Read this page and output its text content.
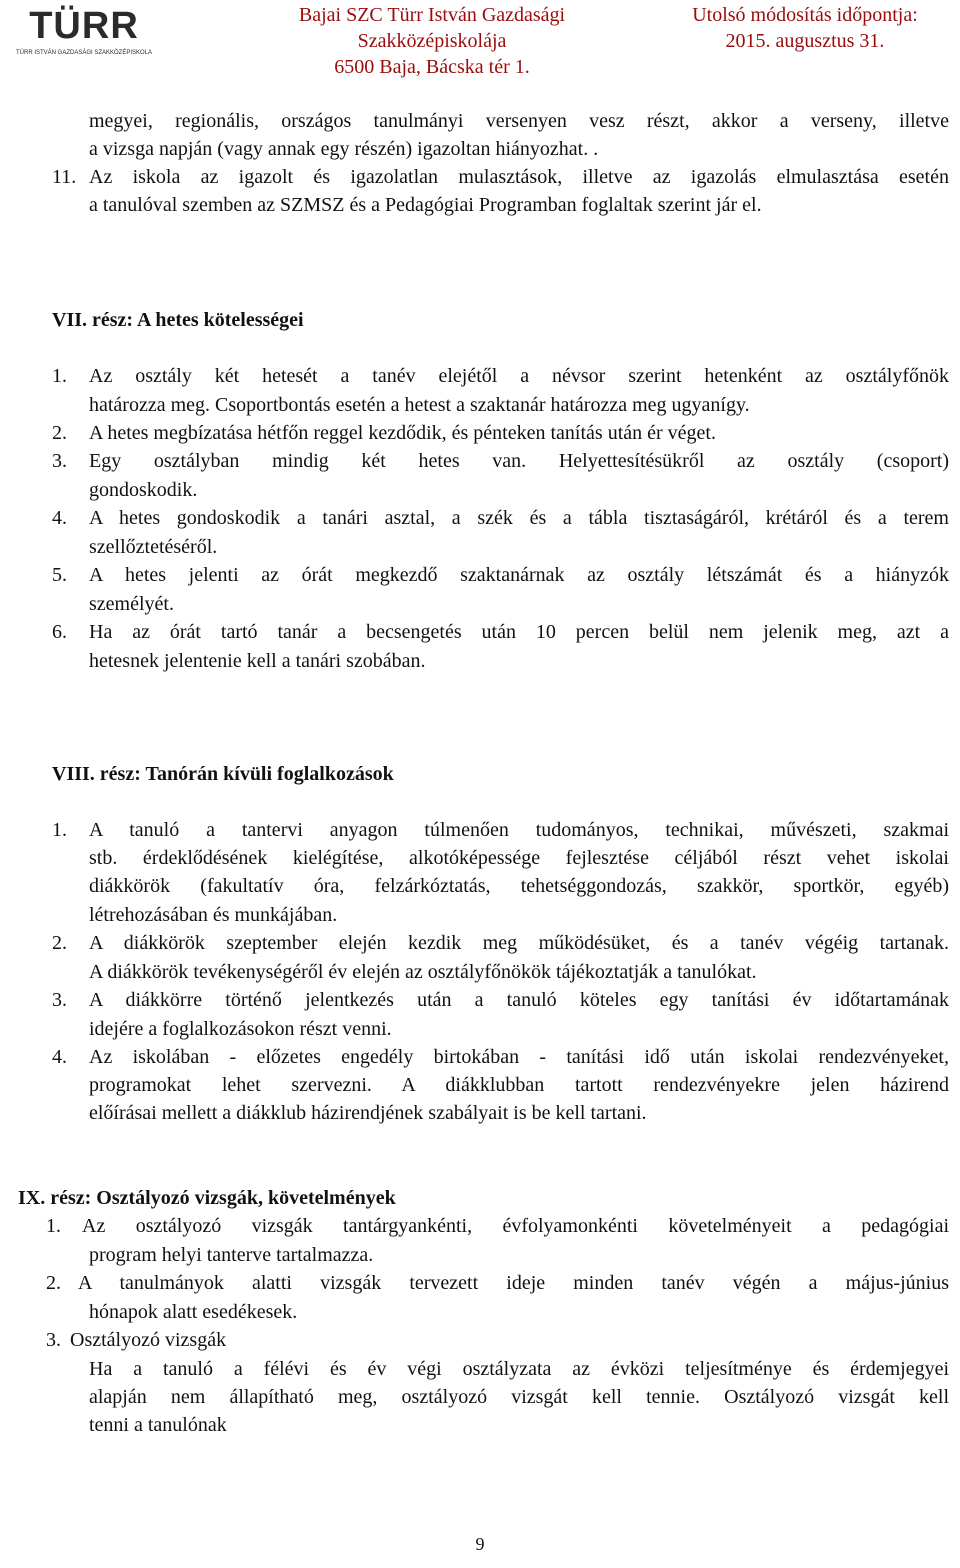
TÜRR
TÜRR ISTVÁN GAZDASÁGI SZAKKÖZÉPISKOLA
Bajai SZC Türr István Gazdasági
Szakközépiskolája
6500 Baja, Bácska tér 1.
Utolsó módosítás időpontja:
2015. augusztus 31.
megyei, regionális, országos tanulmányi versenyen vesz részt, akkor a verseny, illetve
a vizsga napján (vagy annak egy részén) igazoltan hiányozhat. .
11. Az iskola az igazolt és igazolatlan mulasztások, illetve az igazolás elmulasztása esetén
a tanulóval szemben az SZMSZ és a Pedagógiai Programban foglaltak szerint jár el.
VII. rész: A hetes kötelességei
1. Az osztály két hetesét a tanév elejétől a névsor szerint hetenként az osztályfőnök
határozza meg. Csoportbontás esetén a hetest a szaktanár határozza meg ugyanígy.
2. A hetes megbízatása hétfőn reggel kezdődik, és pénteken tanítás után ér véget.
3. Egy osztályban mindig két hetes van. Helyettesítésükről az osztály (csoport)
gondoskodik.
4. A hetes gondoskodik a tanári asztal, a szék és a tábla tisztaságáról, krétáról és a terem
szellőztetéséről.
5. A hetes jelenti az órát megkezdő szaktanárnak az osztály létszámát és a hiányzók
személyét.
6. Ha az órát tartó tanár a becsengetés után 10 percen belül nem jelenik meg, azt a
hetesnek jelentenie kell a tanári szobában.
VIII. rész: Tanórán kívüli foglalkozások
1. A tanuló a tantervi anyagon túlmenően tudományos, technikai, művészeti, szakmai
stb. érdeklődésének kielégítése, alkotóképessége fejlesztése céljából részt vehet iskolai
diákkörök (fakultatív óra, felzárkóztatás, tehetséggondozás, szakkör, sportkör, egyéb)
létrehozásában és munkájában.
2. A diákkörök szeptember elején kezdik meg működésüket, és a tanév végéig tartanak.
A diákkörök tevékenységéről év elején az osztályfőnökök tájékoztatják a tanulókat.
3. A diákkörre történő jelentkezés után a tanuló köteles egy tanítási év időtartamának
idejére a foglalkozásokon részt venni.
4. Az iskolában - előzetes engedély birtokában - tanítási idő után iskolai rendezvényeket,
programokat lehet szervezni. A diákklubban tartott rendezvényekre jelen házirend
előírásai mellett a diákklub házirendjének szabályait is be kell tartani.
IX. rész: Osztályozó vizsgák, követelmények
1. Az osztályozó vizsgák tantárgyankénti, évfolyamonkénti követelményeit a pedagógiai
program helyi tanterve tartalmazza.
2. A tanulmányok alatti vizsgák tervezett ideje minden tanév végén a május-június
hónapok alatt esedékesek.
3. Osztályozó vizsgák
Ha a tanuló a félévi és év végi osztályzata az évközi teljesítménye és érdemjegyei
alapján nem állapítható meg, osztályozó vizsgát kell tennie. Osztályozó vizsgát kell
tenni a tanulónak
9
